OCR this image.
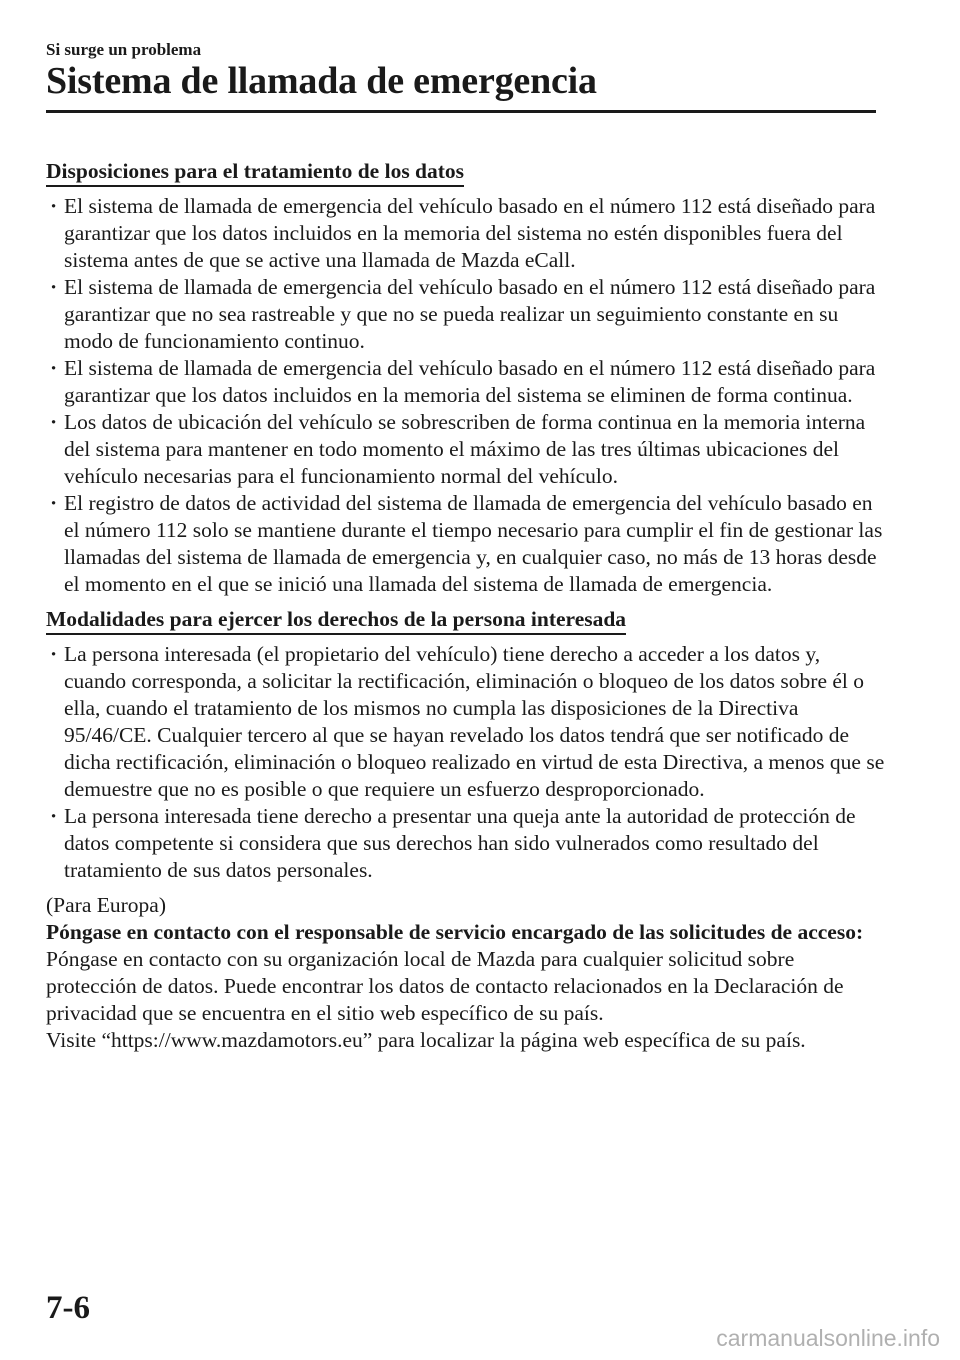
Si surge un problema
Sistema de llamada de emergencia
Disposiciones para el tratamiento de los datos
· El sistema de llamada de emergencia del vehículo basado en el número 112 está diseñado para garantizar que los datos incluidos en la memoria del sistema no estén disponibles fuera del sistema antes de que se active una llamada de Mazda eCall.
· El sistema de llamada de emergencia del vehículo basado en el número 112 está diseñado para garantizar que no sea rastreable y que no se pueda realizar un seguimiento constante en su modo de funcionamiento continuo.
· El sistema de llamada de emergencia del vehículo basado en el número 112 está diseñado para garantizar que los datos incluidos en la memoria del sistema se eliminen de forma continua.
· Los datos de ubicación del vehículo se sobrescriben de forma continua en la memoria interna del sistema para mantener en todo momento el máximo de las tres últimas ubicaciones del vehículo necesarias para el funcionamiento normal del vehículo.
· El registro de datos de actividad del sistema de llamada de emergencia del vehículo basado en el número 112 solo se mantiene durante el tiempo necesario para cumplir el fin de gestionar las llamadas del sistema de llamada de emergencia y, en cualquier caso, no más de 13 horas desde el momento en el que se inició una llamada del sistema de llamada de emergencia.
Modalidades para ejercer los derechos de la persona interesada
· La persona interesada (el propietario del vehículo) tiene derecho a acceder a los datos y, cuando corresponda, a solicitar la rectificación, eliminación o bloqueo de los datos sobre él o ella, cuando el tratamiento de los mismos no cumpla las disposiciones de la Directiva 95/46/CE. Cualquier tercero al que se hayan revelado los datos tendrá que ser notificado de dicha rectificación, eliminación o bloqueo realizado en virtud de esta Directiva, a menos que se demuestre que no es posible o que requiere un esfuerzo desproporcionado.
· La persona interesada tiene derecho a presentar una queja ante la autoridad de protección de datos competente si considera que sus derechos han sido vulnerados como resultado del tratamiento de sus datos personales.

(Para Europa)

Póngase en contacto con el responsable de servicio encargado de las solicitudes de acceso:

Póngase en contacto con su organización local de Mazda para cualquier solicitud sobre protección de datos. Puede encontrar los datos de contacto relacionados en la Declaración de privacidad que se encuentra en el sitio web específico de su país.

Visite “https://www.mazdamotors.eu” para localizar la página web específica de su país.

7-6
carmanualsonline.info
